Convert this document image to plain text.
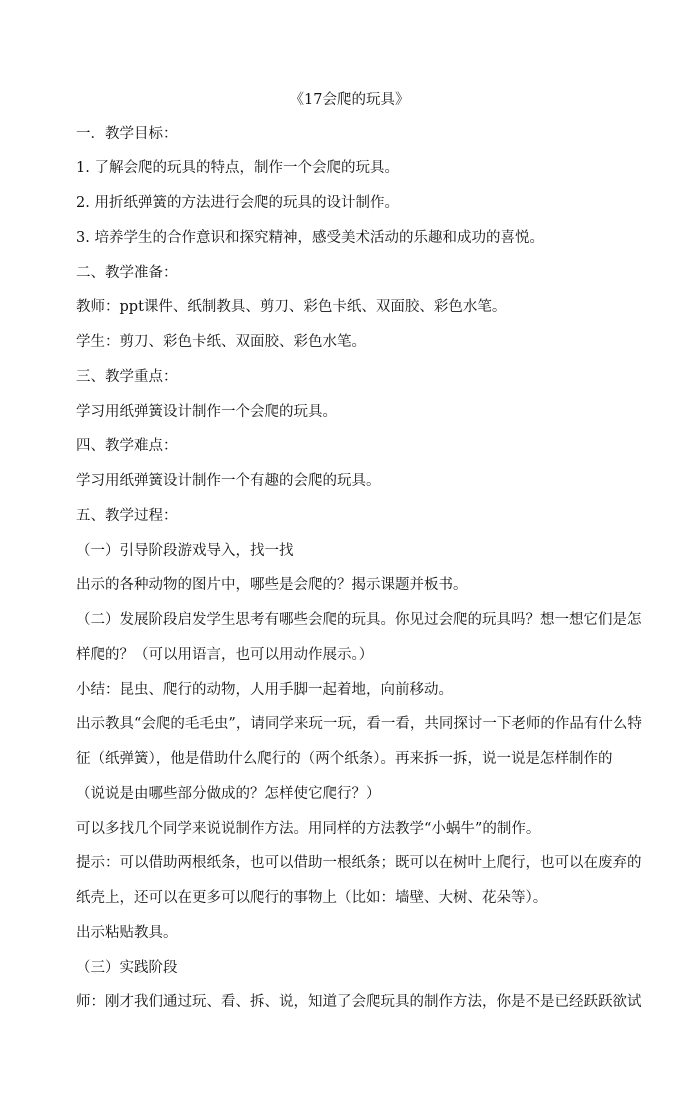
《17会爬的玩具》
一．教学目标：
1. 了解会爬的玩具的特点，制作一个会爬的玩具。
2. 用折纸弹簧的方法进行会爬的玩具的设计制作。
3. 培养学生的合作意识和探究精神，感受美术活动的乐趣和成功的喜悦。
二、教学准备：
教师：ppt课件、纸制教具、剪刀、彩色卡纸、双面胶、彩色水笔。
学生：剪刀、彩色卡纸、双面胶、彩色水笔。
三、教学重点：
学习用纸弹簧设计制作一个会爬的玩具。
四、教学难点：
学习用纸弹簧设计制作一个有趣的会爬的玩具。
五、教学过程：
（一）引导阶段游戏导入，找一找
出示的各种动物的图片中，哪些是会爬的？揭示课题并板书。
（二）发展阶段启发学生思考有哪些会爬的玩具。你见过会爬的玩具吗？想一想它们是怎
样爬的？（可以用语言，也可以用动作展示。）
小结：昆虫、爬行的动物，人用手脚一起着地，向前移动。
出示教具“会爬的毛毛虫”，请同学来玩一玩，看一看，共同探讨一下老师的作品有什么特
征（纸弹簧），他是借助什么爬行的（两个纸条）。再来拆一拆，说一说是怎样制作的
（说说是由哪些部分做成的？怎样使它爬行？）
可以多找几个同学来说说制作方法。用同样的方法教学“小蜗牛”的制作。
提示：可以借助两根纸条，也可以借助一根纸条；既可以在树叶上爬行，也可以在废弃的
纸壳上，还可以在更多可以爬行的事物上（比如：墙壁、大树、花朵等）。
出示粘贴教具。
（三）实践阶段
师：刚才我们通过玩、看、拆、说，知道了会爬玩具的制作方法，你是不是已经跃跃欲试
